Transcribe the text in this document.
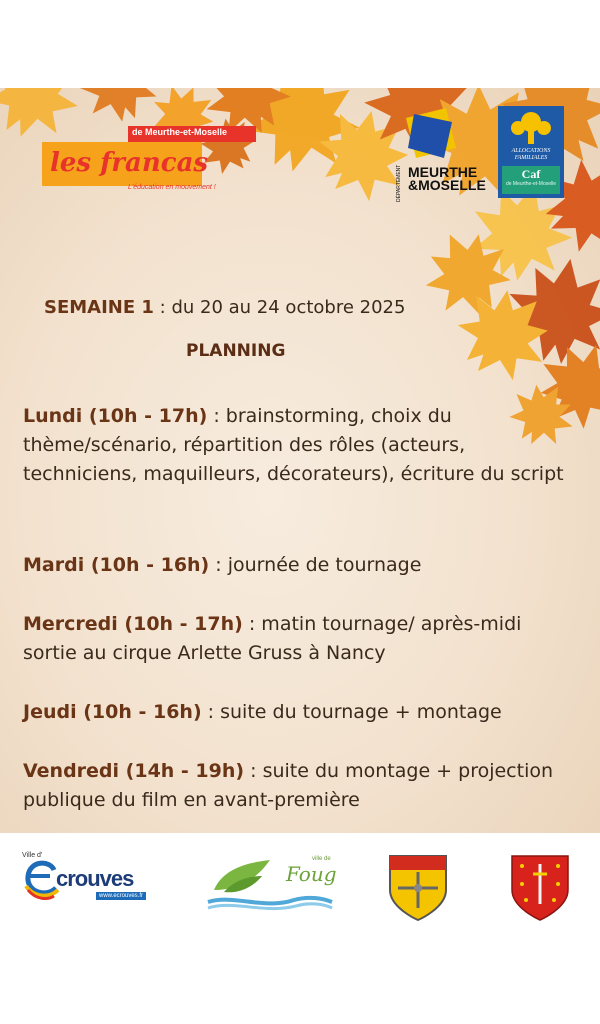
de Meurthe-et-Moselle
les francas
L'éducation en mouvement !	DÉPARTEMENT MEURTHE
&MOSELLE
ALLOCATIONS
FAMILIALES
Caf
de Meurthe-et-Moselle
SEMAINE 1 : du 20 au 24 octobre 2025
PLANNING
Lundi (10h - 17h) : brainstorming, choix du thème/scénario, répartition des rôles (acteurs, techniciens, maquilleurs, décorateurs), écriture du script
Mardi (10h - 16h) : journée de tournage
Mercredi (10h - 17h) : matin tournage/ après-midi sortie au cirque Arlette Gruss à Nancy
Jeudi (10h - 16h) : suite du tournage + montage
Vendredi (14h - 19h) : suite du montage + projection publique du film en avant-première
Ville d'
crouves
www.ecrouves.fr
ville de
Foug
